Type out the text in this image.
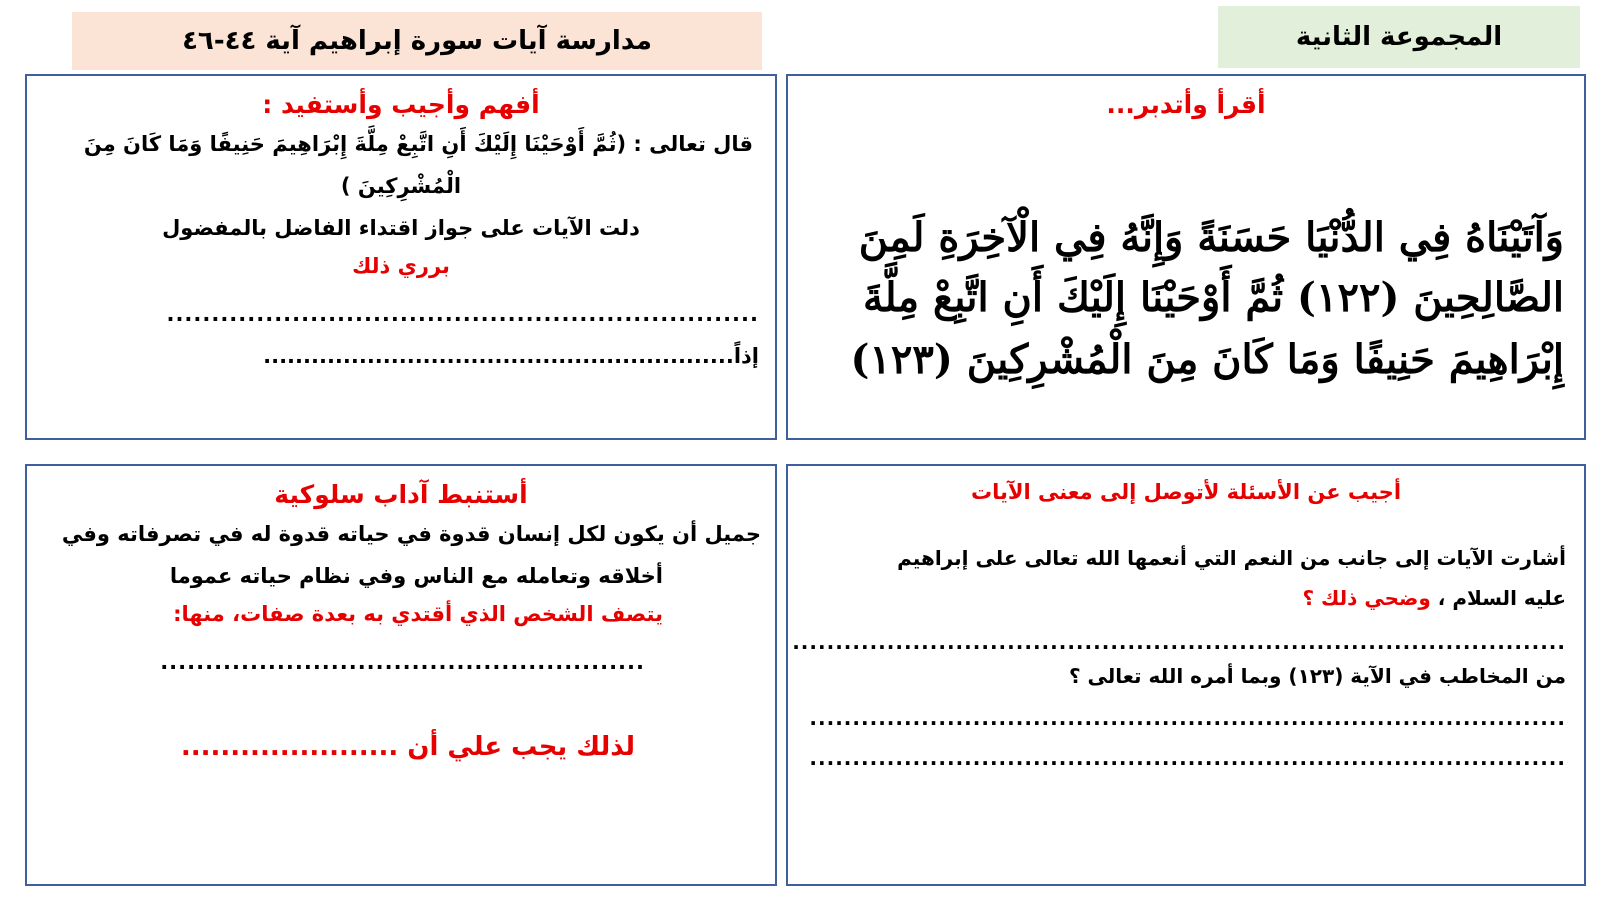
المجموعة الثانية
مدارسة آيات سورة إبراهيم آية ٤٤-٤٦
أقرأ وأتدبر...
وَآتَيْنَاهُ فِي الدُّنْيَا حَسَنَةً وَإِنَّهُ فِي الْآخِرَةِ لَمِنَ
الصَّالِحِينَ (١٢٢) ثُمَّ أَوْحَيْنَا إِلَيْكَ أَنِ اتَّبِعْ مِلَّةَ
إِبْرَاهِيمَ حَنِيفًا وَمَا كَانَ مِنَ الْمُشْرِكِينَ (١٢٣)
أفهم وأجيب وأستفيد :
قال تعالى : (ثُمَّ أَوْحَيْنَا إِلَيْكَ أَنِ اتَّبِعْ مِلَّةَ إِبْرَاهِيمَ حَنِيفًا وَمَا كَانَ مِنَ
الْمُشْرِكِينَ )
دلت الآيات على جواز اقتداء الفاضل بالمفضول
برري ذلك
..................................................................
إذاً...........................................................
أجيب عن الأسئلة لأتوصل إلى معنى الآيات
أشارت الآيات إلى جانب من النعم التي أنعمها الله تعالى على إبراهيم
عليه السلام ، وضحي ذلك ؟
..........................................................................................
من المخاطب في الآية (١٢٣) وبما أمره الله تعالى ؟
........................................................................................
........................................................................................
أستنبط آداب سلوكية
جميل أن يكون لكل إنسان قدوة في حياته قدوة له في تصرفاته وفي
أخلاقه وتعامله مع الناس وفي نظام حياته عموما
يتصف الشخص الذي أقتدي به بعدة صفات، منها:
......................................................
لذلك يجب علي أن ......................
